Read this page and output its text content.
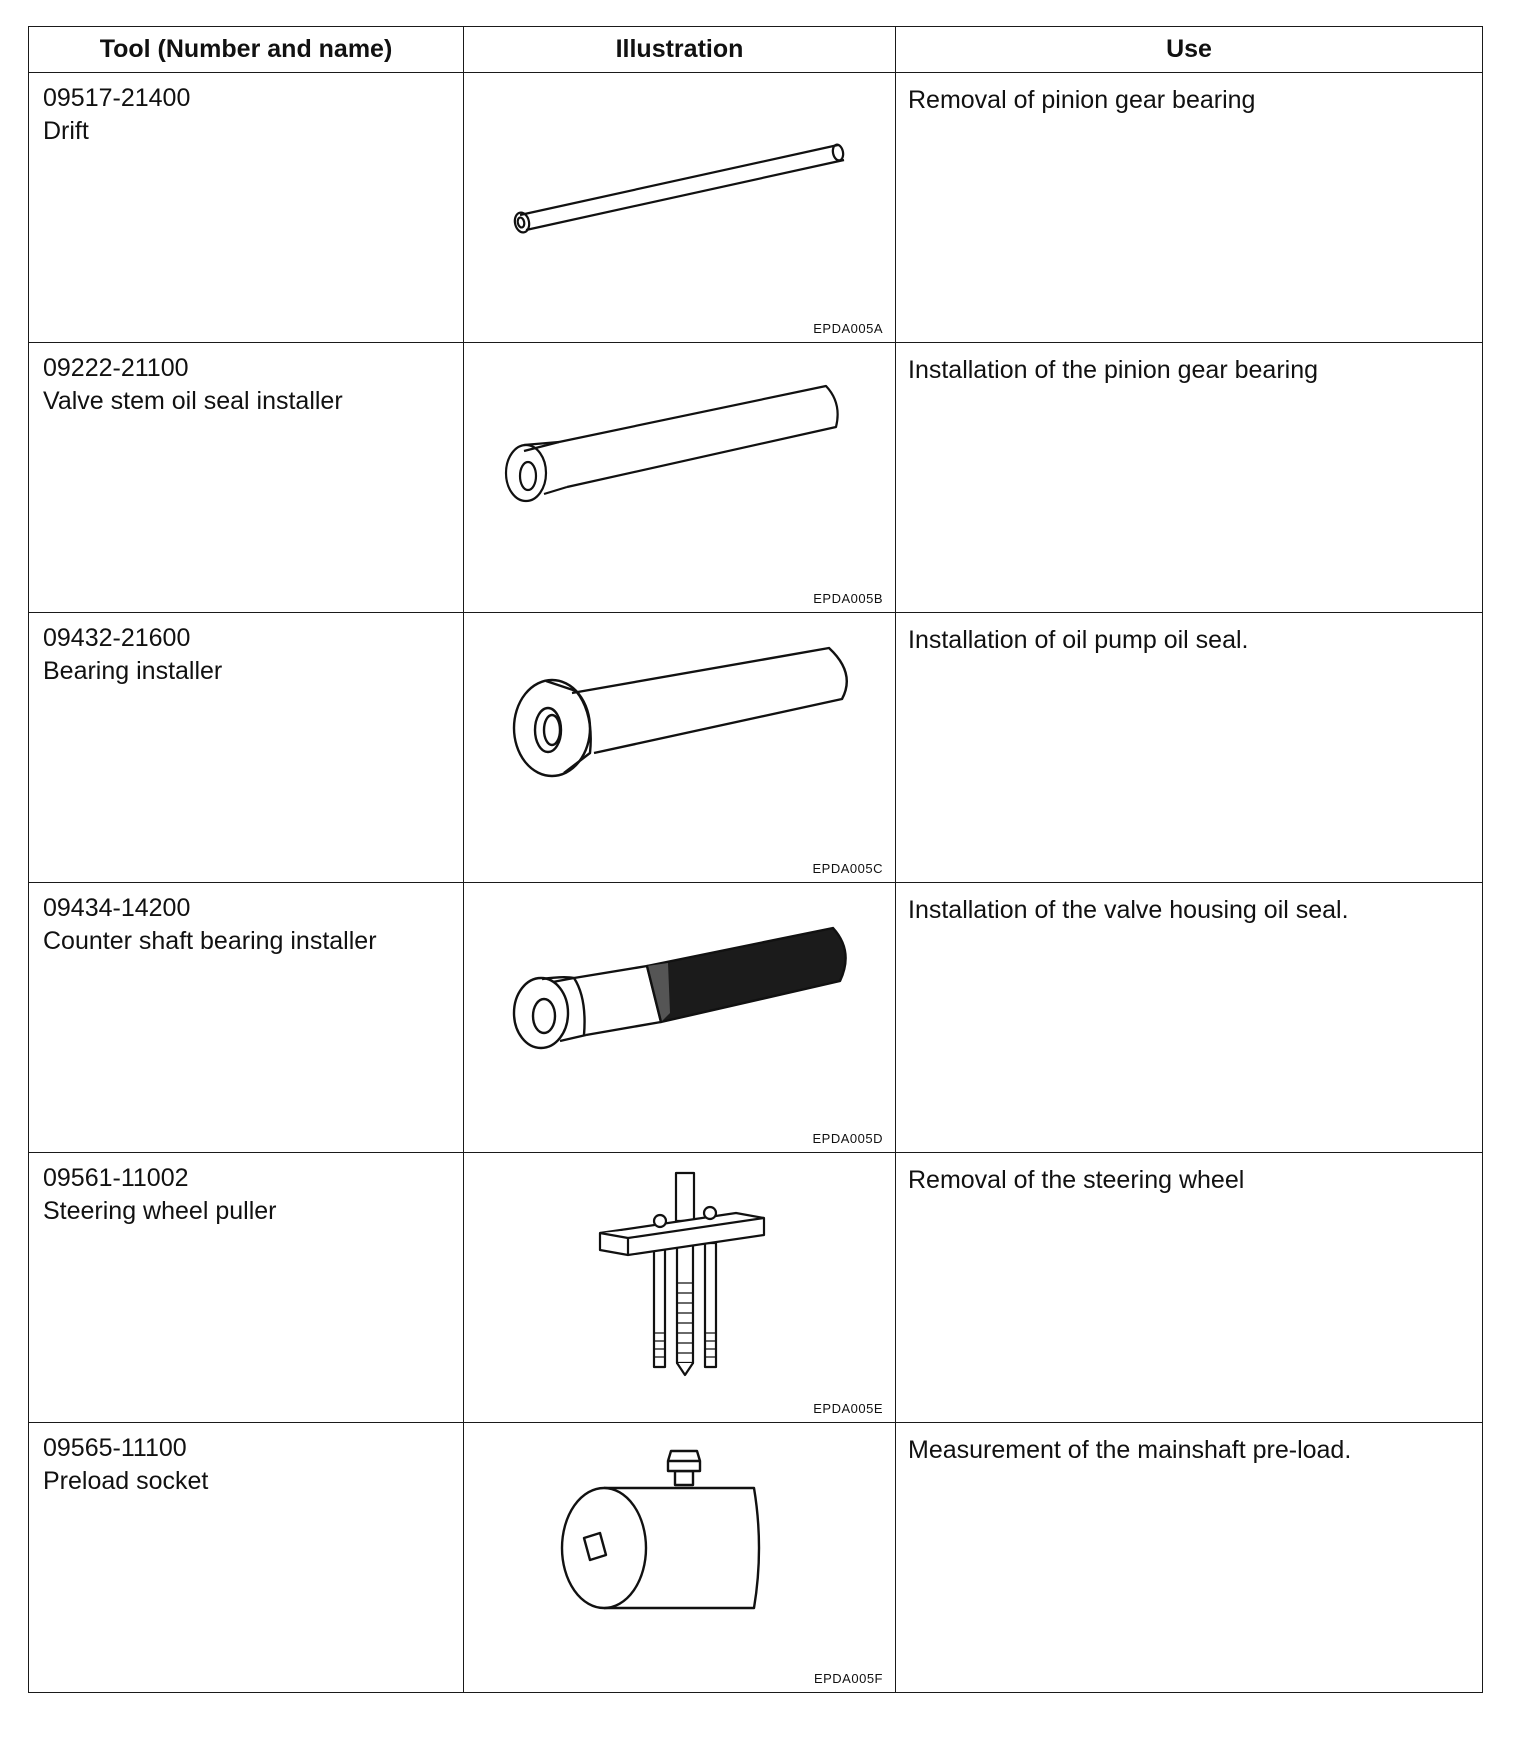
Tool (Number and name)	Illustration	Use

09517-21400
Drift	EPDA005A	Removal of pinion gear bearing

09222-21100
Valve stem oil seal installer	EPDA005B	Installation of the pinion gear bearing

09432-21600
Bearing installer	EPDA005C	Installation of oil pump oil seal.

09434-14200
Counter shaft bearing installer	EPDA005D	Installation of the valve housing oil seal.

09561-11002
Steering wheel puller	EPDA005E	Removal of the steering wheel

09565-11100
Preload socket	EPDA005F	Measurement of the mainshaft pre-load.
